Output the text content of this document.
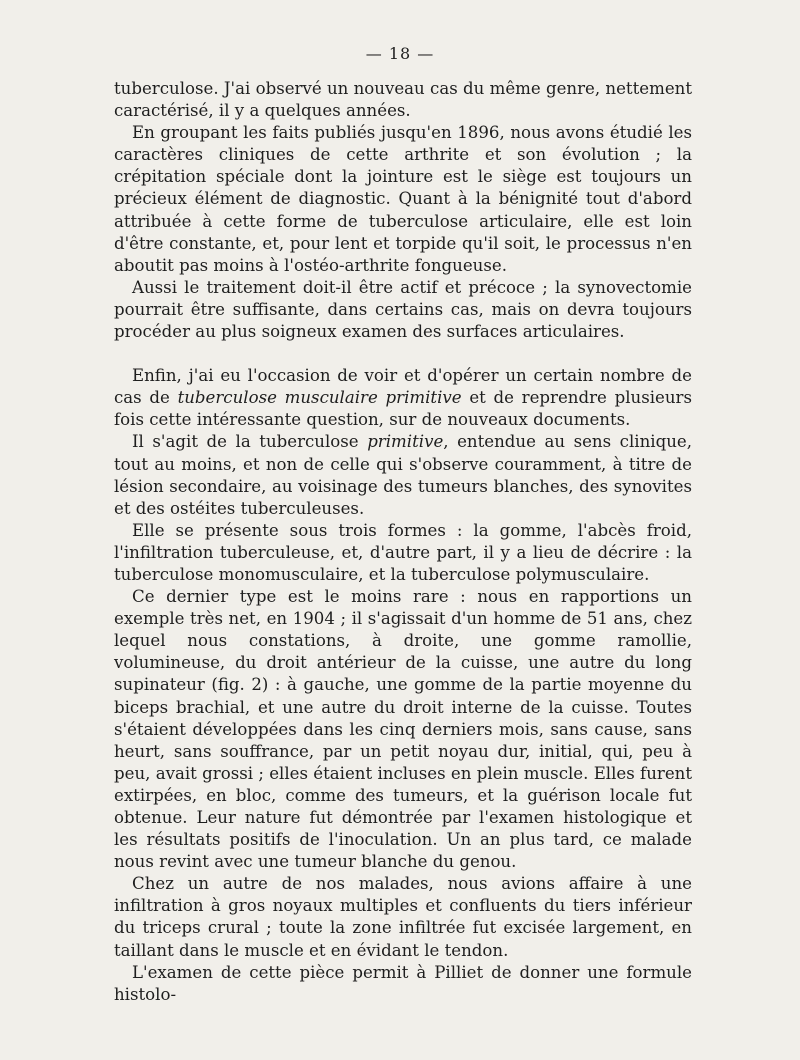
— 18 —

tuberculose. J'ai observé un nouveau cas du même genre, nettement caractérisé, il y a quelques années.

En groupant les faits publiés jusqu'en 1896, nous avons étudié les caractères cliniques de cette arthrite et son évolution ; la crépitation spéciale dont la jointure est le siège est toujours un précieux élément de diagnostic. Quant à la bénignité tout d'abord attribuée à cette forme de tuberculose articulaire, elle est loin d'être constante, et, pour lent et torpide qu'il soit, le processus n'en aboutit pas moins à l'ostéo-arthrite fongueuse.

Aussi le traitement doit-il être actif et précoce ; la synovectomie pourrait être suffisante, dans certains cas, mais on devra toujours procéder au plus soigneux examen des surfaces articulaires.

Enfin, j'ai eu l'occasion de voir et d'opérer un certain nombre de cas de tuberculose musculaire primitive et de reprendre plusieurs fois cette intéressante question, sur de nouveaux documents.

Il s'agit de la tuberculose primitive, entendue au sens clinique, tout au moins, et non de celle qui s'observe couramment, à titre de lésion secondaire, au voisinage des tumeurs blanches, des synovites et des ostéites tuberculeuses.

Elle se présente sous trois formes : la gomme, l'abcès froid, l'infiltration tuberculeuse, et, d'autre part, il y a lieu de décrire : la tuberculose monomusculaire, et la tuberculose polymusculaire.

Ce dernier type est le moins rare : nous en rapportions un exemple très net, en 1904 ; il s'agissait d'un homme de 51 ans, chez lequel nous constations, à droite, une gomme ramollie, volumineuse, du droit antérieur de la cuisse, une autre du long supinateur (fig. 2) : à gauche, une gomme de la partie moyenne du biceps brachial, et une autre du droit interne de la cuisse. Toutes s'étaient développées dans les cinq derniers mois, sans cause, sans heurt, sans souffrance, par un petit noyau dur, initial, qui, peu à peu, avait grossi ; elles étaient incluses en plein muscle. Elles furent extirpées, en bloc, comme des tumeurs, et la guérison locale fut obtenue. Leur nature fut démontrée par l'examen histologique et les résultats positifs de l'inoculation. Un an plus tard, ce malade nous revint avec une tumeur blanche du genou.

Chez un autre de nos malades, nous avions affaire à une infiltration à gros noyaux multiples et confluents du tiers inférieur du triceps crural ; toute la zone infiltrée fut excisée largement, en taillant dans le muscle et en évidant le tendon.

L'examen de cette pièce permit à Pilliet de donner une formule histolo-
